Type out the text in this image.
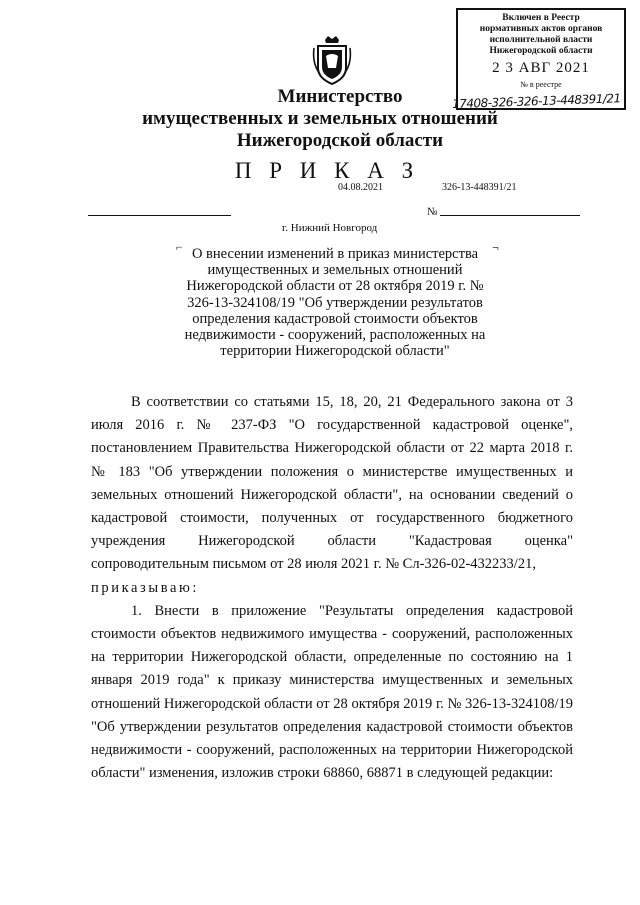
Включен в Реестр
нормативных актов органов
исполнительной власти
Нижегородской области
2 3 АВГ 2021
№ в реестре
17408-326-326-13-448391/21
Министерство
имущественных и земельных отношений
Нижегородской области
П Р И К А З
04.08.2021	326-13-448391/21
№
г. Нижний Новгород
⌐	¬
О внесении изменений в приказ министерства имущественных и земельных отношений Нижегородской области от 28 октября 2019 г. № 326-13-324108/19 "Об утверждении результатов определения кадастровой стоимости объектов недвижимости - сооружений, расположенных на территории Нижегородской области"

В соответствии со статьями 15, 18, 20, 21 Федерального закона от 3 июля 2016 г. № 237-ФЗ "О государственной кадастровой оценке", постановлением Правительства Нижегородской области от 22 марта 2018 г. № 183 "Об утверждении положения о министерстве имущественных и земельных отношений Нижегородской области", на основании сведений о кадастровой стоимости, полученных от государственного бюджетного учреждения Нижегородской области "Кадастровая оценка" сопроводительным письмом от 28 июля 2021 г. № Сл-326-02-432233/21,

приказываю:

1. Внести в приложение "Результаты определения кадастровой стоимости объектов недвижимого имущества - сооружений, расположенных на территории Нижегородской области, определенные по состоянию на 1 января 2019 года" к приказу министерства имущественных и земельных отношений Нижегородской области от 28 октября 2019 г. № 326-13-324108/19 "Об утверждении результатов определения кадастровой стоимости объектов недвижимости - сооружений, расположенных на территории Нижегородской области" изменения, изложив строки 68860, 68871 в следующей редакции:
